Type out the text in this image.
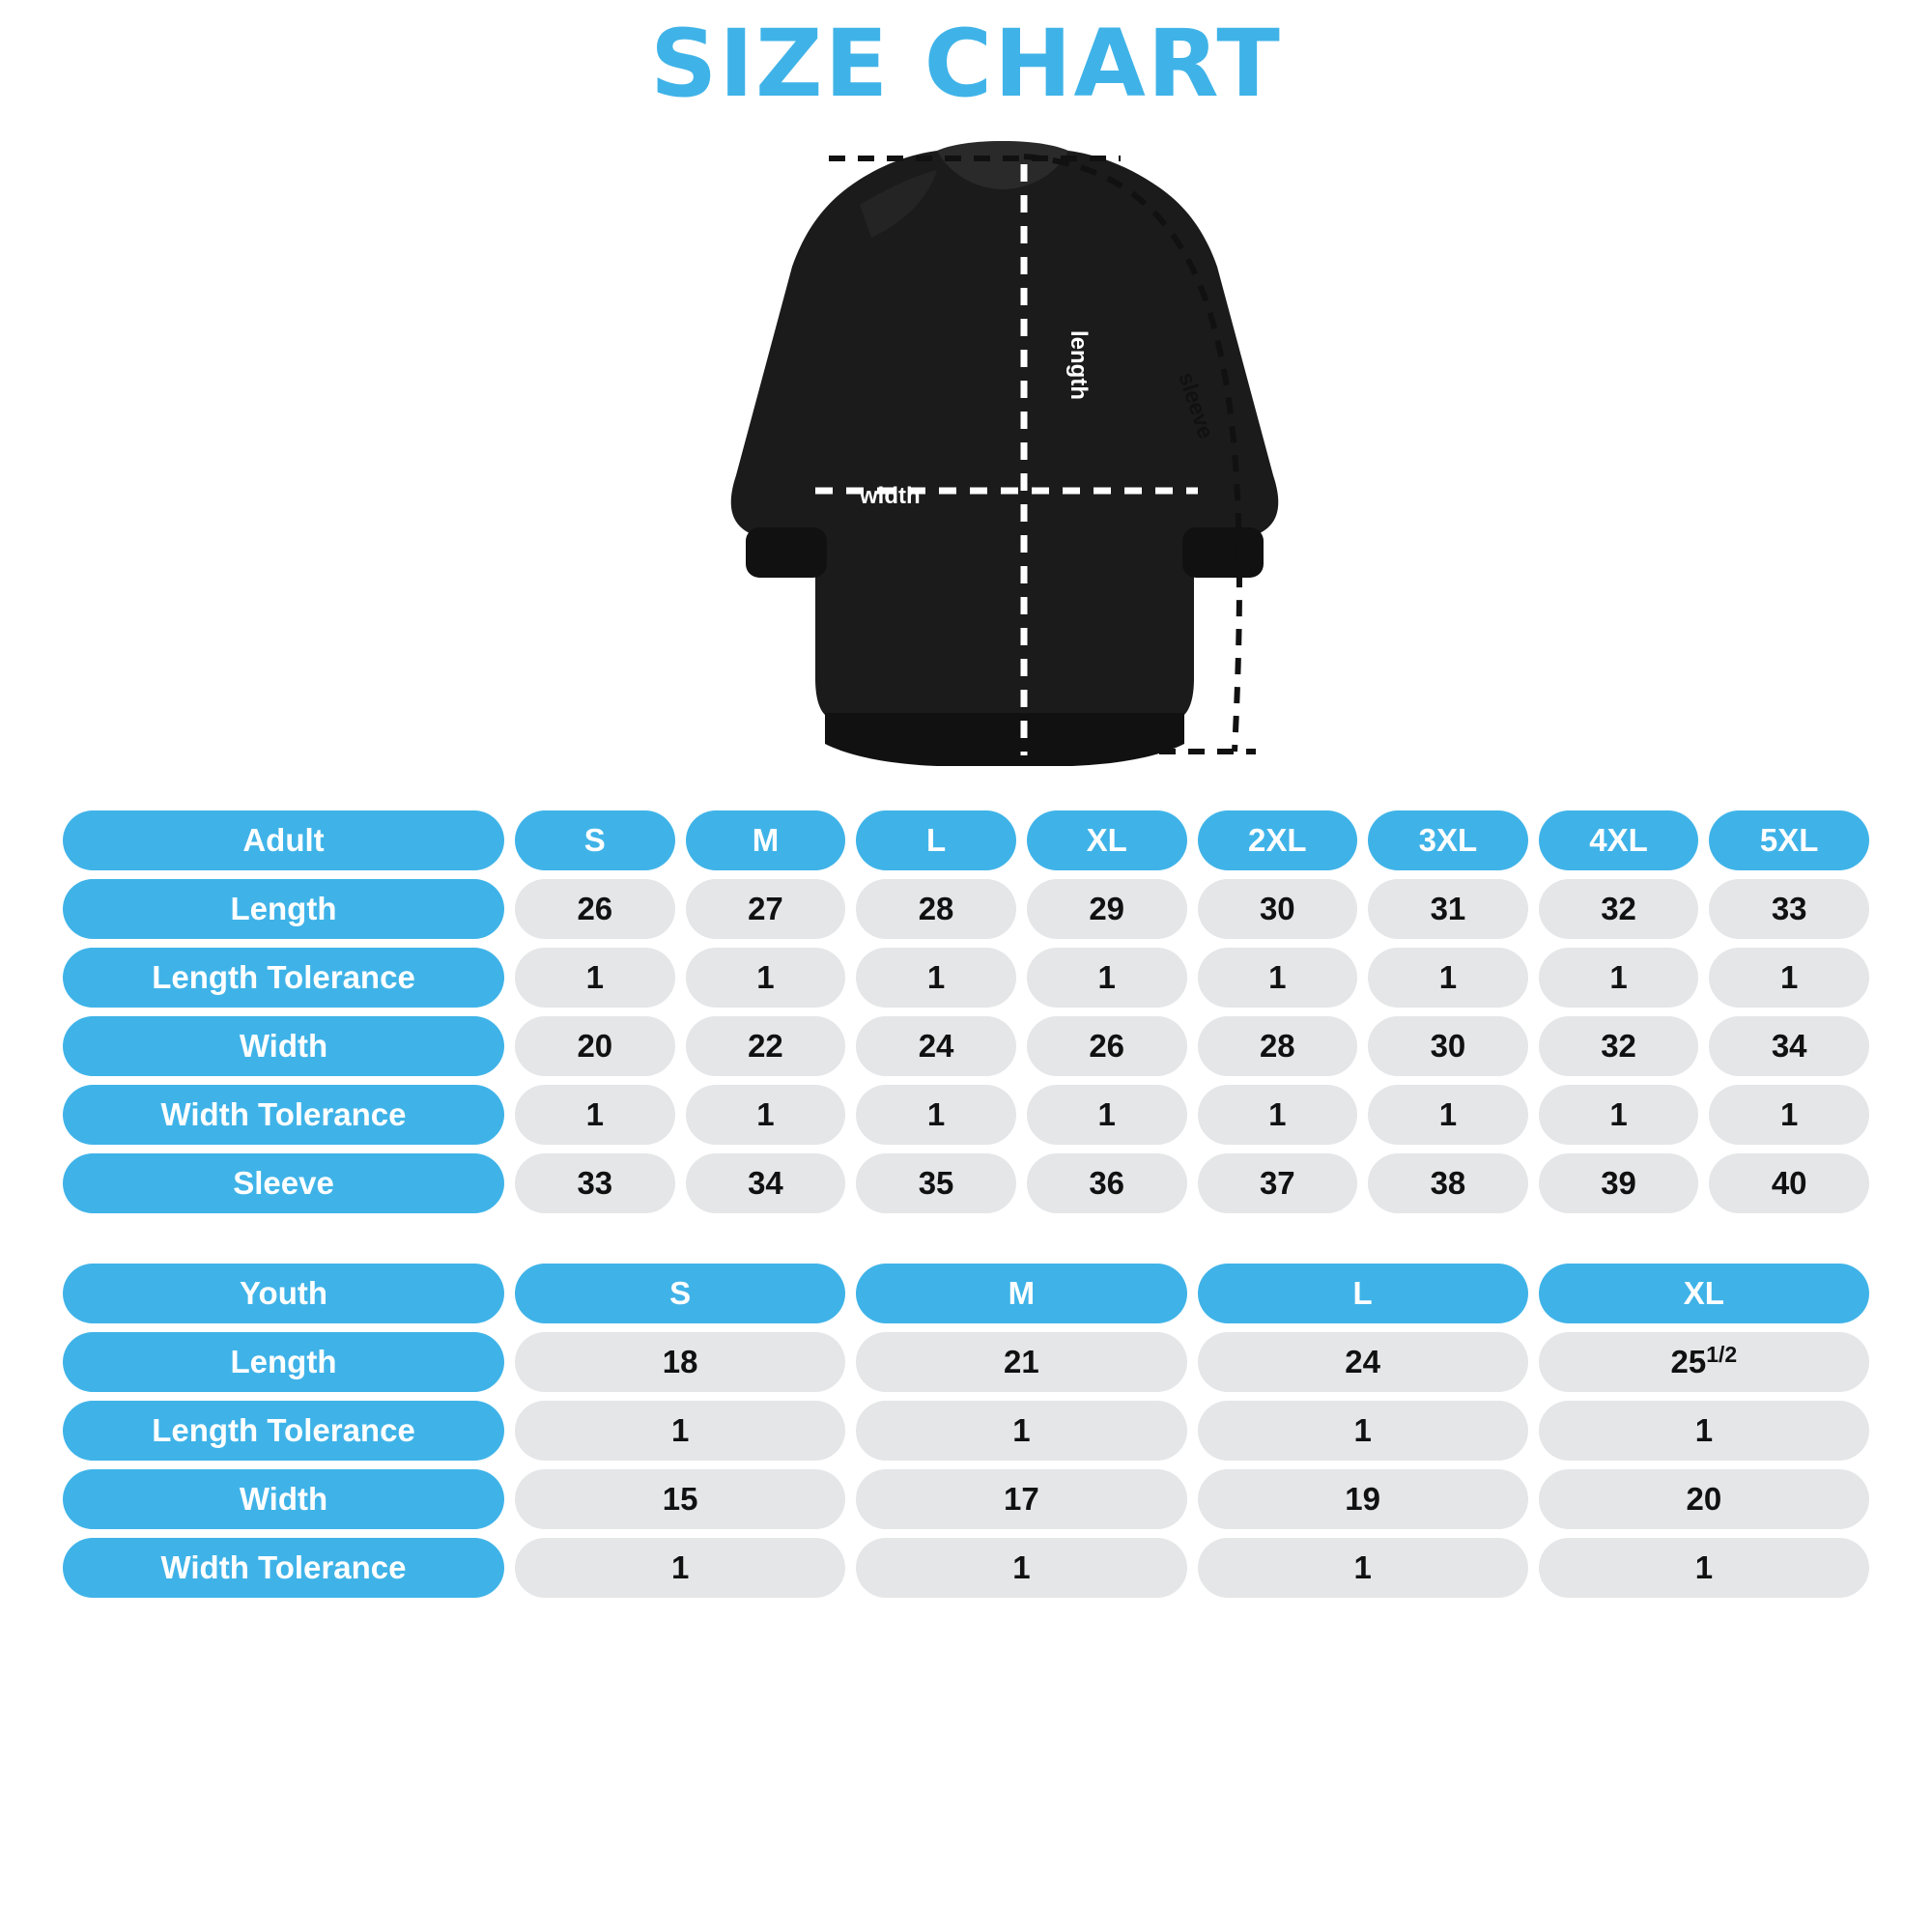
SIZE CHART
width
length
sleeve
Adult	S	M	L	XL	2XL	3XL	4XL	5XL
Length	26	27	28	29	30	31	32	33
Length Tolerance	1	1	1	1	1	1	1	1
Width	20	22	24	26	28	30	32	34
Width Tolerance	1	1	1	1	1	1	1	1
Sleeve	33	34	35	36	37	38	39	40
Youth	S	M	L	XL
Length	18	21	24	$25^{1/2}$
Length Tolerance	1	1	1	1
Width	15	17	19	20
Width Tolerance	1	1	1	1
